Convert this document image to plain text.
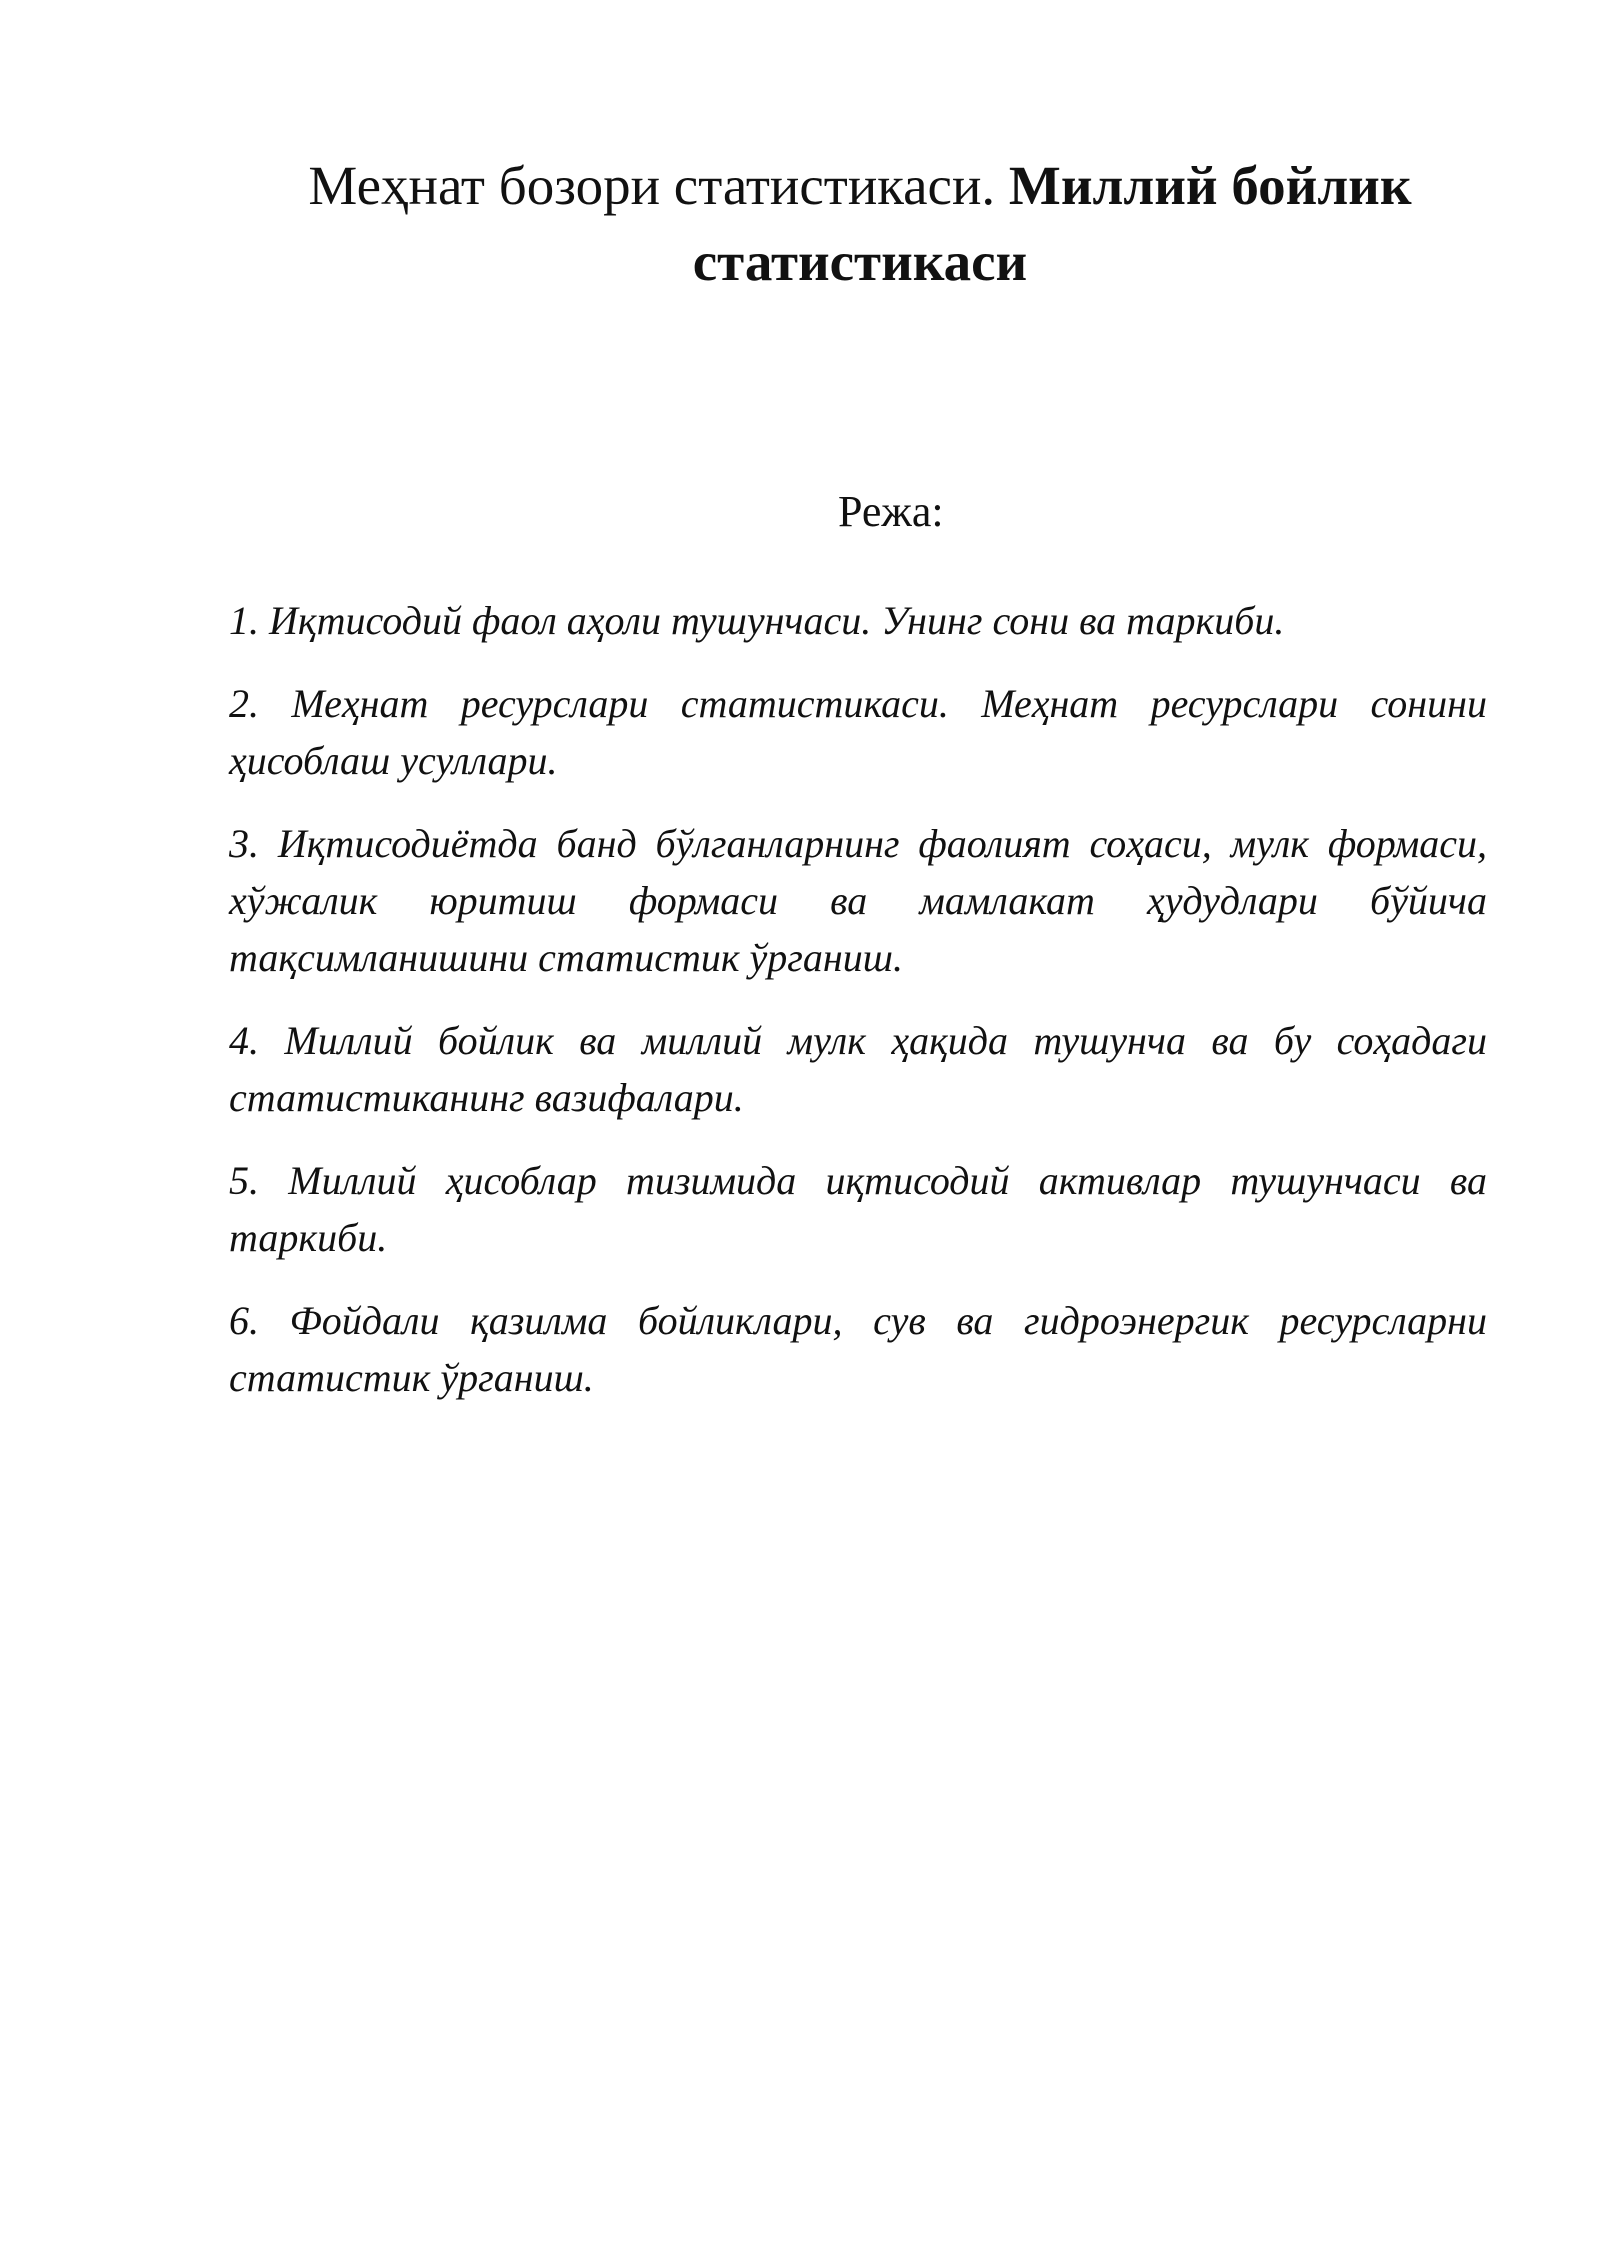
Меҳнат бозори статистикаси. Миллий бойлик статистикаси

Режа:

1. Иқтисодий фаол аҳоли тушунчаси. Унинг сони ва таркиби.
2. Меҳнат ресурслари статистикаси. Меҳнат ресурслари сонини ҳисоблаш усуллари.
3. Иқтисодиётда банд бўлганларнинг фаолият соҳаси, мулк формаси, хўжалик юритиш формаси ва мамлакат ҳудудлари бўйича тақсимланишини статистик ўрганиш.
4. Миллий бойлик ва миллий мулк ҳақида тушунча ва бу соҳадаги статистиканинг вазифалари.
5. Миллий ҳисоблар тизимида иқтисодий активлар тушунчаси ва таркиби.
6. Фойдали қазилма бойликлари, сув ва гидроэнергик ресурсларни статистик ўрганиш.
